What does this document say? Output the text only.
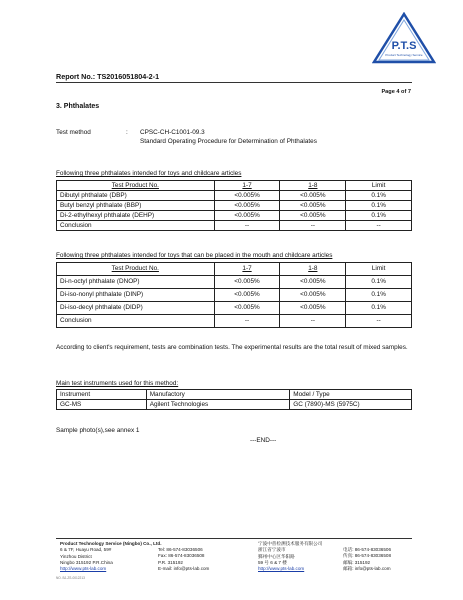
P.T.S
Product Technology Service
Report No.: TS2016051804-2-1
Page 4 of 7
3. Phthalates
Test method	: CPSC-CH-C1001-09.3
Standard Operating Procedure for Determination of Phthalates
Following three phthalates intended for toys and childcare articles
Test Product No.	1-7	1-8	Limit
Dibutyl phthalate (DBP)	<0.005%	<0.005%	0.1%
Butyl benzyl phthalate (BBP)	<0.005%	<0.005%	0.1%
Di-2-ethylhexyl phthalate (DEHP)	<0.005%	<0.005%	0.1%
Conclusion	--	--	--
Following three phthalates intended for toys that can be placed in the mouth and childcare articles
Test Product No.	1-7	1-8	Limit
Di-n-octyl phthalate (DNOP)	<0.005%	<0.005%	0.1%
Di-iso-nonyl phthalate (DINP)	<0.005%	<0.005%	0.1%
Di-iso-decyl phthalate (DIDP)	<0.005%	<0.005%	0.1%
Conclusion	--	--	--
According to client's requirement, tests are combination tests. The experimental results are the total result of mixed samples.
Main test instruments used for this method:
Instrument	Manufactory	Model / Type
GC-MS	Agilent Technologies	GC (7890)-MS (5975C)
Sample photo(s),see annex 1
---END---
Product Technology Service (Ningbo) Co., Ltd.
6 & 7F, Huayu Road, 59#
Yinzhou District
Ningbo 315192 P.R.China
http://www.pts-lab.com
Tel: 86-574-83036506
Fax: 86-574-83036508
P.R. 315192
E-mail: info@pts-lab.com
宁波中普检测技术服务有限公司
浙江省宁波市
鄞州中心区华阳路
59 号 6 & 7 楼
http://www.pts-lab.com
电话: 86-574-83036506
传真: 86-574-83036508
邮编: 315192
邮箱: info@pts-lab.com
NO. BJ-ZS-0012213
